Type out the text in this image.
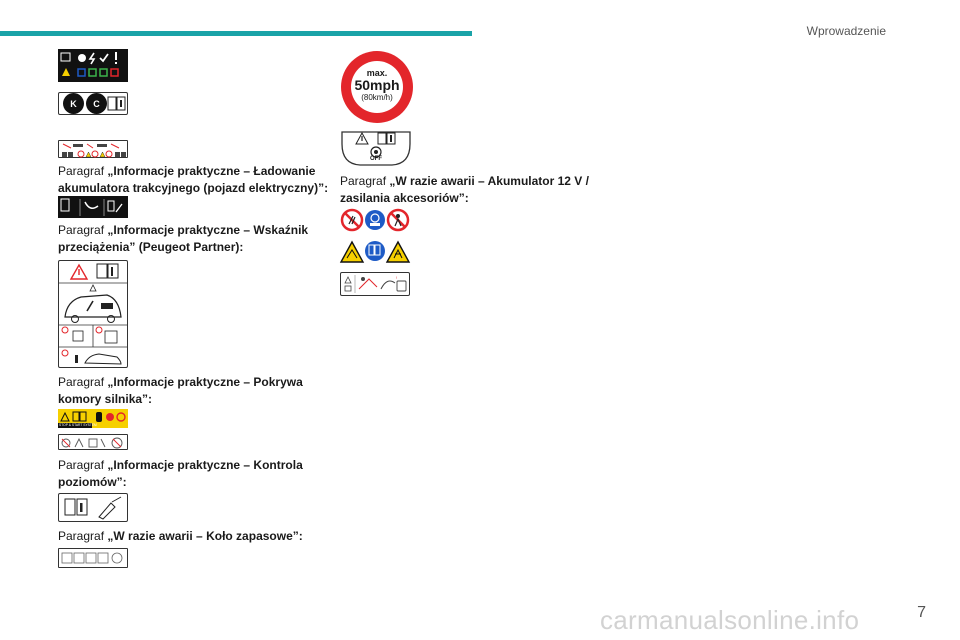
Wprowadzenie
K	C
Paragraf „Informacje praktyczne – Ładowanie akumulatora trakcyjnego (pojazd elektryczny)”:
Paragraf „Informacje praktyczne – Wskaźnik przeciążenia” (Peugeot Partner):
Paragraf „Informacje praktyczne – Pokrywa komory silnika”:
STOP & START SYSTEM
Paragraf „Informacje praktyczne – Kontrola poziomów”:
Paragraf „W razie awarii – Koło zapasowe”:
max.
50mph
(80km/h)
OFF
Paragraf „W razie awarii – Akumulator 12 V / zasilania akcesoriów”:
!
carmanualsonline.info	7
